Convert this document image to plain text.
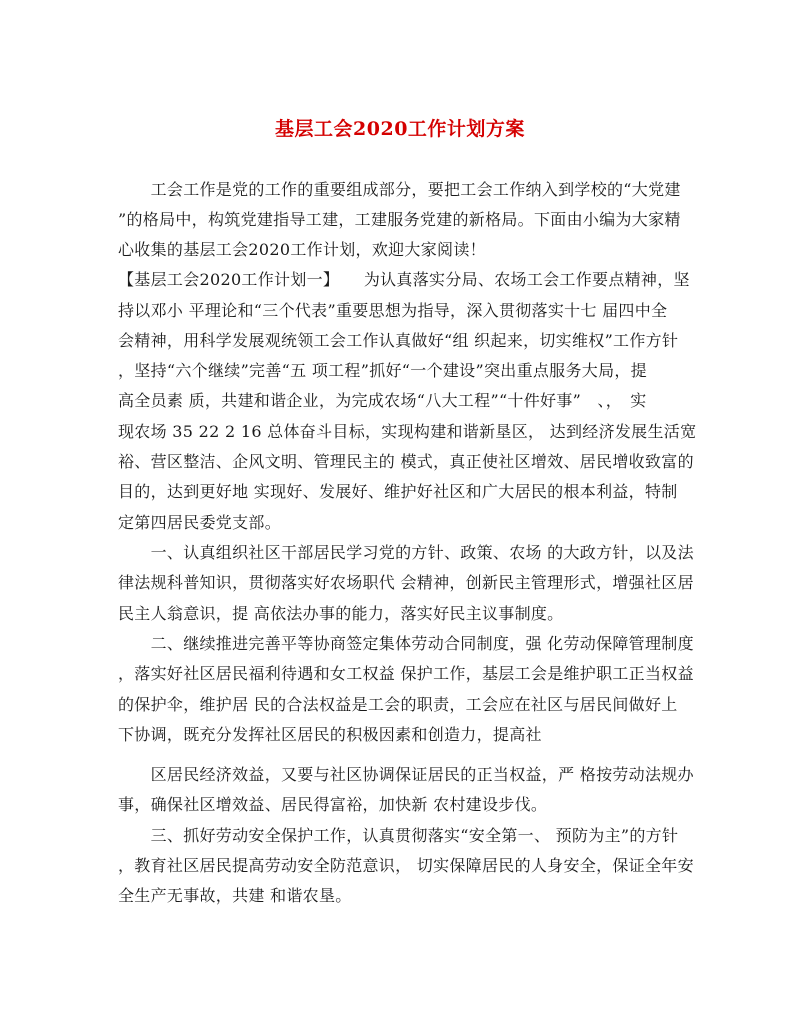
基层工会2020工作计划方案
　　工会工作是党的工作的重要组成部分，要把工会工作纳入到学校的“大党建
”的格局中，构筑党建指导工建，工建服务党建的新格局。下面由小编为大家精
心收集的基层工会2020工作计划，欢迎大家阅读！
【基层工会2020工作计划一】　　为认真落实分局、农场工会工作要点精神，坚
持以邓小 平理论和“三个代表”重要思想为指导，深入贯彻落实十七 届四中全
会精神，用科学发展观统领工会工作认真做好“组 织起来，切实维权”工作方针
，坚持“六个继续”完善“五 项工程”抓好“一个建设”突出重点服务大局，提
高全员素 质，共建和谐企业，为完成农场“八大工程”“十件好事”　、，　实
现农场 35 22 2 16 总体奋斗目标，实现构建和谐新垦区， 达到经济发展生活宽
裕、营区整洁、企风文明、管理民主的 模式，真正使社区增效、居民增收致富的
目的，达到更好地 实现好、发展好、维护好社区和广大居民的根本利益，特制
定第四居民委党支部。
　　一、认真组织社区干部居民学习党的方针、政策、农场 的大政方针，以及法
律法规科普知识，贯彻落实好农场职代 会精神，创新民主管理形式，增强社区居
民主人翁意识，提 高依法办事的能力，落实好民主议事制度。
　　二、继续推进完善平等协商签定集体劳动合同制度，强 化劳动保障管理制度
，落实好社区居民福利待遇和女工权益 保护工作，基层工会是维护职工正当权益
的保护伞，维护居 民的合法权益是工会的职责，工会应在社区与居民间做好上
下协调，既充分发挥社区居民的积极因素和创造力，提高社
　　区居民经济效益，又要与社区协调保证居民的正当权益，严 格按劳动法规办
事，确保社区增效益、居民得富裕，加快新 农村建设步伐。
　　三、抓好劳动安全保护工作，认真贯彻落实“安全第一、 预防为主”的方针
，教育社区居民提高劳动安全防范意识， 切实保障居民的人身安全，保证全年安
全生产无事故，共建 和谐农垦。
